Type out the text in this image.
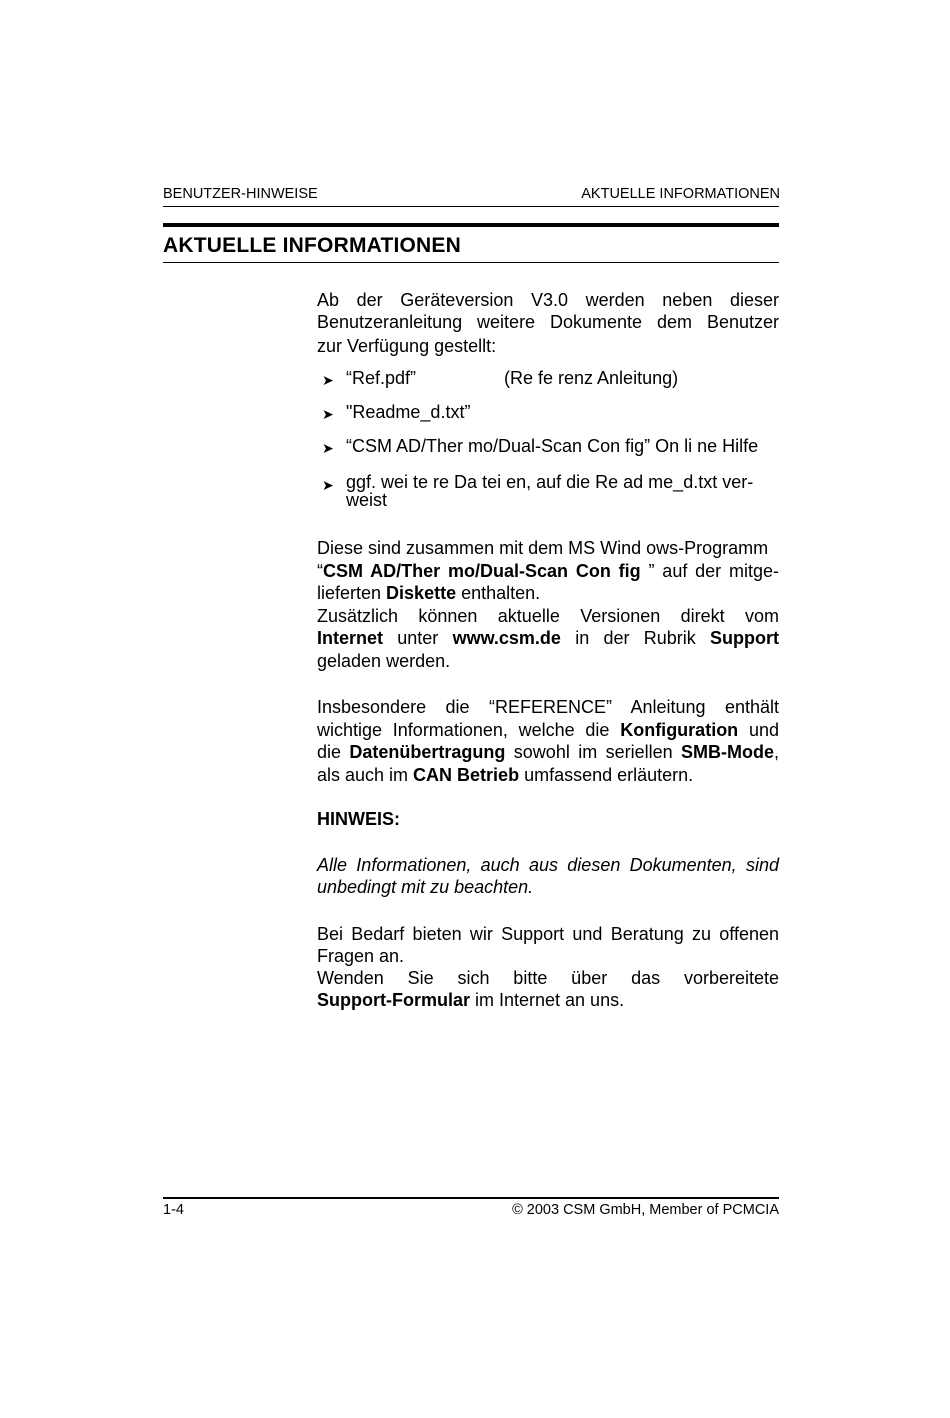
BENUTZER-HINWEISE	AKTUELLE INFORMATIONEN
AKTUELLE INFORMATIONEN
Ab der Geräteversion V3.0 werden neben dieser
Benutzeranleitung weitere Dokumente dem Benutzer
zur Verfügung gestellt:
➤ “Ref.pdf”	(Re fe renz Anleitung)
➤ "Readme_d.txt”
➤ “CSM AD/Ther mo/Dual-Scan Con fig” On li ne Hilfe
➤ ggf. wei te re Da tei en, auf die Re ad me_d.txt ver-
weist
Diese sind zusammen mit dem MS Wind ows-Programm
“CSM AD/Ther mo/Dual-Scan Con fig ” auf der mitge-
lieferten Diskette enthalten.
Zusätzlich können aktuelle Versionen direkt vom
Internet unter www.csm.de in der Rubrik Support
geladen werden.
Insbesondere die “REFERENCE” Anleitung enthält
wichtige Informationen, welche die Konfiguration und
die Datenübertragung sowohl im seriellen SMB-Mode,
als auch im CAN Betrieb umfassend erläutern.
HINWEIS:
Alle Informationen, auch aus diesen Dokumenten, sind
unbedingt mit zu beachten.
Bei Bedarf bieten wir Support und Beratung zu offenen
Fragen an.
Wenden Sie sich bitte über das vorbereitete
Support-Formular im Internet an uns.
1-4	© 2003 CSM GmbH, Member of PCMCIA
